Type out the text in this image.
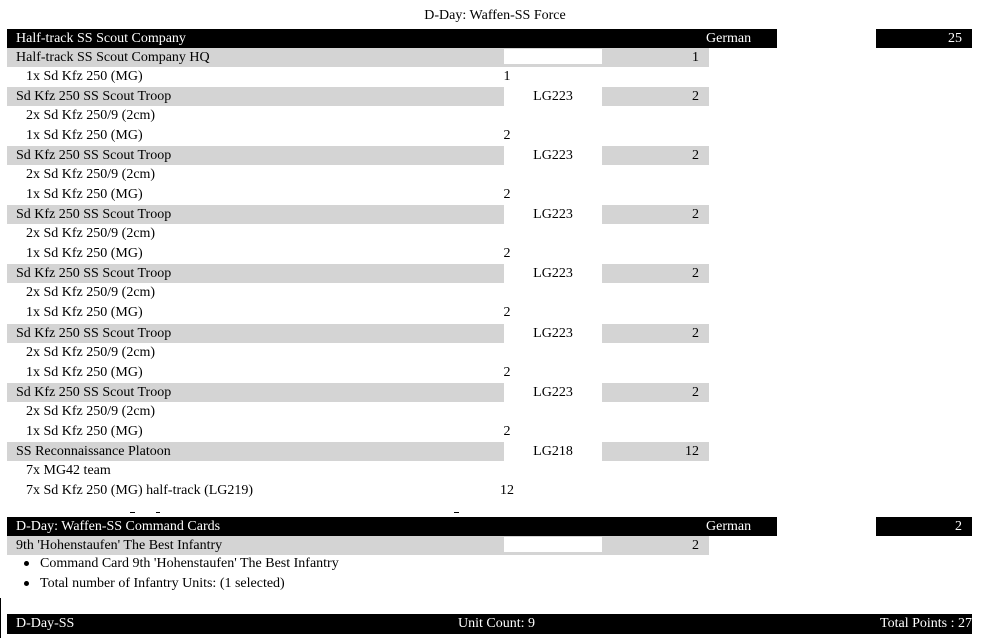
D-Day: Waffen-SS Force
Half-track SS Scout Company	German	25
Half-track SS Scout Company HQ	1
1x Sd Kfz 250 (MG)	1
Sd Kfz 250 SS Scout Troop	LG223	2
2x Sd Kfz 250/9 (2cm)
1x Sd Kfz 250 (MG)	2
Sd Kfz 250 SS Scout Troop	LG223	2
2x Sd Kfz 250/9 (2cm)
1x Sd Kfz 250 (MG)	2
Sd Kfz 250 SS Scout Troop	LG223	2
2x Sd Kfz 250/9 (2cm)
1x Sd Kfz 250 (MG)	2
Sd Kfz 250 SS Scout Troop	LG223	2
2x Sd Kfz 250/9 (2cm)
1x Sd Kfz 250 (MG)	2
Sd Kfz 250 SS Scout Troop	LG223	2
2x Sd Kfz 250/9 (2cm)
1x Sd Kfz 250 (MG)	2
Sd Kfz 250 SS Scout Troop	LG223	2
2x Sd Kfz 250/9 (2cm)
1x Sd Kfz 250 (MG)	2
SS Reconnaissance Platoon	LG218	12
7x MG42 team
7x Sd Kfz 250 (MG) half-track (LG219)	12
D-Day: Waffen-SS Command Cards	German	2
9th 'Hohenstaufen' The Best Infantry	2
Command Card 9th 'Hohenstaufen' The Best Infantry
Total number of Infantry Units: (1 selected)
D-Day-SS	Unit Count: 9	Total Points : 27
